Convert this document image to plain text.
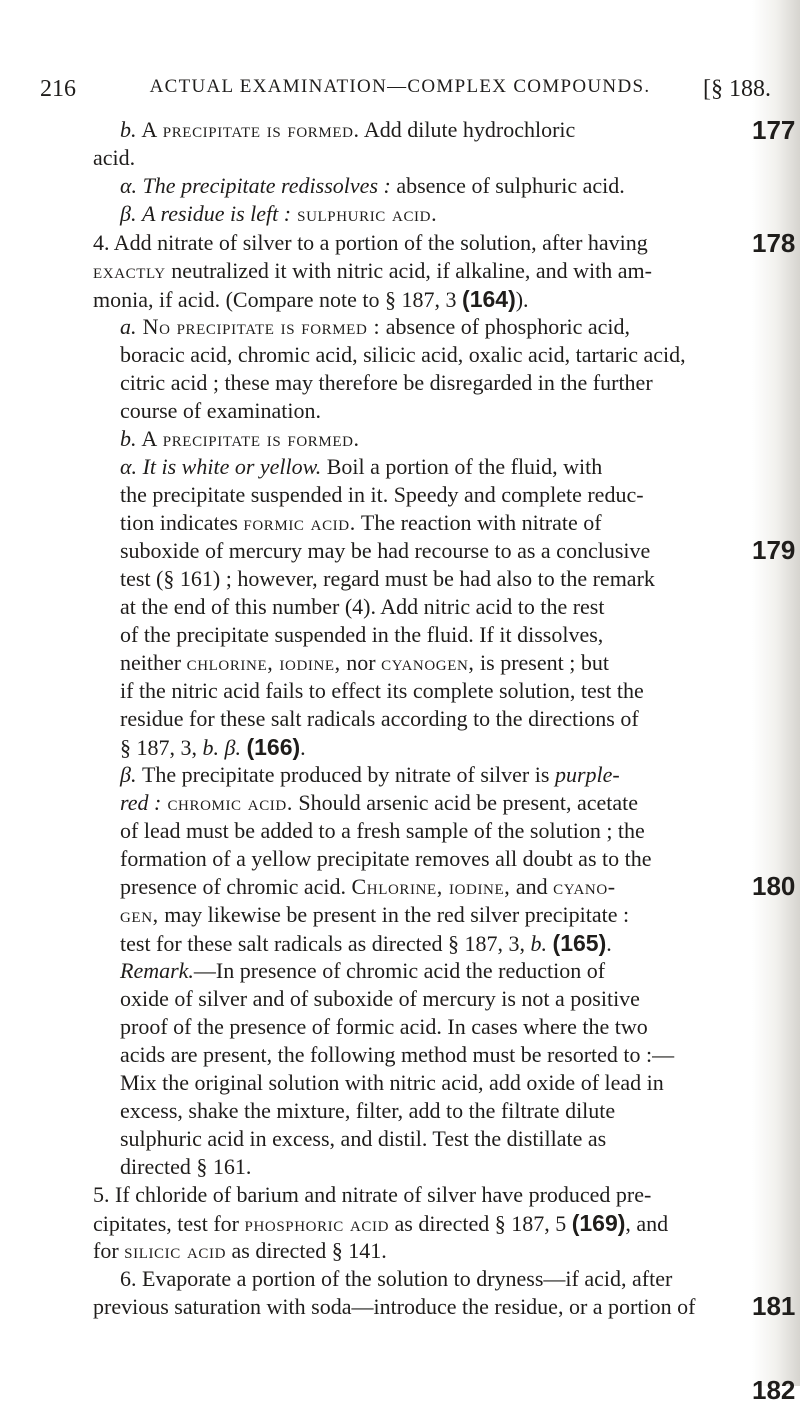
216	ACTUAL EXAMINATION—COMPLEX COMPOUNDS.	[§ 188.
177
178
179
180
181
182
b. A precipitate is formed. Add dilute hydrochloric
acid.
α. The precipitate redissolves : absence of sulphuric acid.
β. A residue is left : sulphuric acid.
4. Add nitrate of silver to a portion of the solution, after having
exactly neutralized it with nitric acid, if alkaline, and with am-
monia, if acid. (Compare note to § 187, 3 (164)).
a. No precipitate is formed : absence of phosphoric acid,
boracic acid, chromic acid, silicic acid, oxalic acid, tartaric acid,
citric acid ; these may therefore be disregarded in the further
course of examination.
b. A precipitate is formed.
α. It is white or yellow. Boil a portion of the fluid, with
the precipitate suspended in it. Speedy and complete reduc-
tion indicates formic acid. The reaction with nitrate of
suboxide of mercury may be had recourse to as a conclusive
test (§ 161) ; however, regard must be had also to the remark
at the end of this number (4). Add nitric acid to the rest
of the precipitate suspended in the fluid. If it dissolves,
neither chlorine, iodine, nor cyanogen, is present ; but
if the nitric acid fails to effect its complete solution, test the
residue for these salt radicals according to the directions of
§ 187, 3, b. β. (166).
β. The precipitate produced by nitrate of silver is purple-
red : chromic acid. Should arsenic acid be present, acetate
of lead must be added to a fresh sample of the solution ; the
formation of a yellow precipitate removes all doubt as to the
presence of chromic acid. Chlorine, iodine, and cyano-
gen, may likewise be present in the red silver precipitate :
test for these salt radicals as directed § 187, 3, b. (165).
Remark.—In presence of chromic acid the reduction of
oxide of silver and of suboxide of mercury is not a positive
proof of the presence of formic acid. In cases where the two
acids are present, the following method must be resorted to :—
Mix the original solution with nitric acid, add oxide of lead in
excess, shake the mixture, filter, add to the filtrate dilute
sulphuric acid in excess, and distil. Test the distillate as
directed § 161.
5. If chloride of barium and nitrate of silver have produced pre-
cipitates, test for phosphoric acid as directed § 187, 5 (169), and
for silicic acid as directed § 141.
6. Evaporate a portion of the solution to dryness—if acid, after
previous saturation with soda—introduce the residue, or a portion of
